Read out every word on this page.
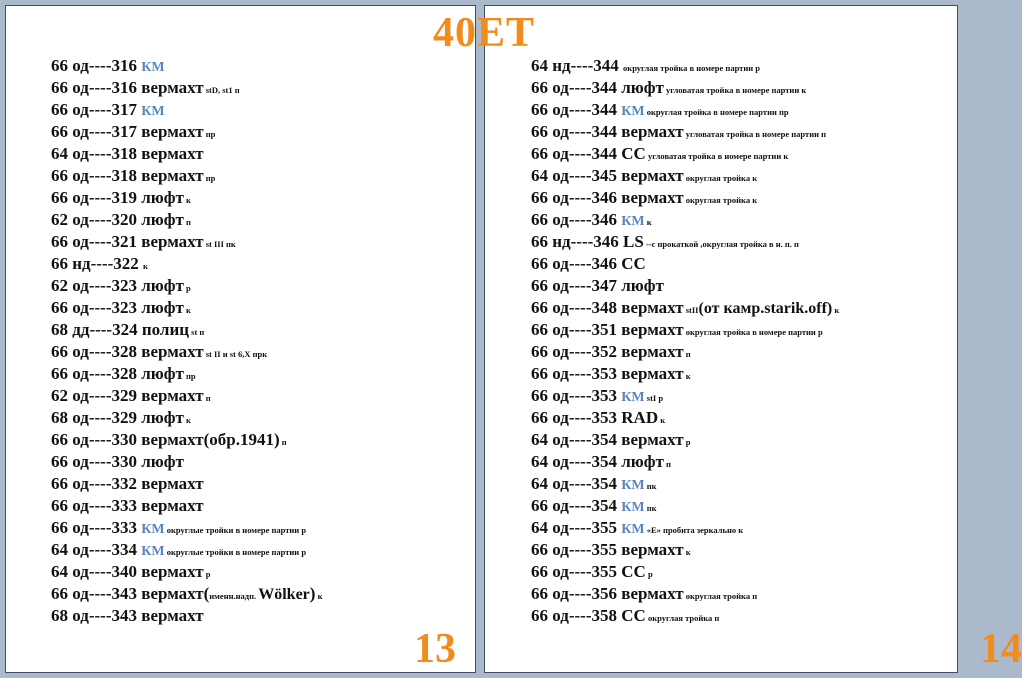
66 од----316 КМ
66 од----316 вермахт stD, st1 п
66 од----317 КМ
66 од----317 вермахт пр
64 од----318 вермахт
66 од----318 вермахт пр
66 од----319 люфт к
62 од----320 люфт п
66 од----321 вермахт st III пк
66 нд----322 к
62 од----323 люфт р
66 од----323 люфт к
68 дд----324 полиц st п
66 од----328 вермахт st II и st 6,X прк
66 од----328 люфт пр
62 од----329 вермахт п
68 од----329 люфт к
66 од----330 вермахт(обр.1941) п
66 од----330 люфт
66 од----332 вермахт
66 од----333 вермахт
66 од----333 КМ округлые тройки в номере партии р
64 од----334 КМ округлые тройки в номере партии р
64 од----340 вермахт р
66 од----343 вермахт(именн.надп. Wölker) к
68 од----343 вермахт
13
64 нд----344 округлая тройка в номере партии р
66 од----344 люфт угловатая тройка в номере партии к
66 од----344 КМ округлая тройка в номере партии пр
66 од----344 вермахт угловатая тройка в номере партии п
66 од----344 СС угловатая тройка в номере партии к
64 од----345 вермахт округлая тройка к
66 од----346 вермахт округлая тройка к
66 од----346 КМ к
66 нд----346 LS --с прокаткой ,округлая тройка в н. п. п
66 од----346 СС
66 од----347 люфт
66 од----348 вермахт stII(от камр.starik.off) к
66 од----351 вермахт округлая тройка в номере партии р
66 од----352 вермахт п
66 од----353 вермахт к
66 од----353 КМ stI р
66 од----353 RAD к
64 од----354 вермахт р
64 од----354 люфт п
64 од----354 КМ пк
66 од----354 КМ пк
64 од----355 КМ «E» пробита зеркально к
66 од----355 вермахт к
66 од----355 СС р
66 од----356 вермахт округлая тройка п
66 од----358 СС округлая тройка п
14
40ЕТ
